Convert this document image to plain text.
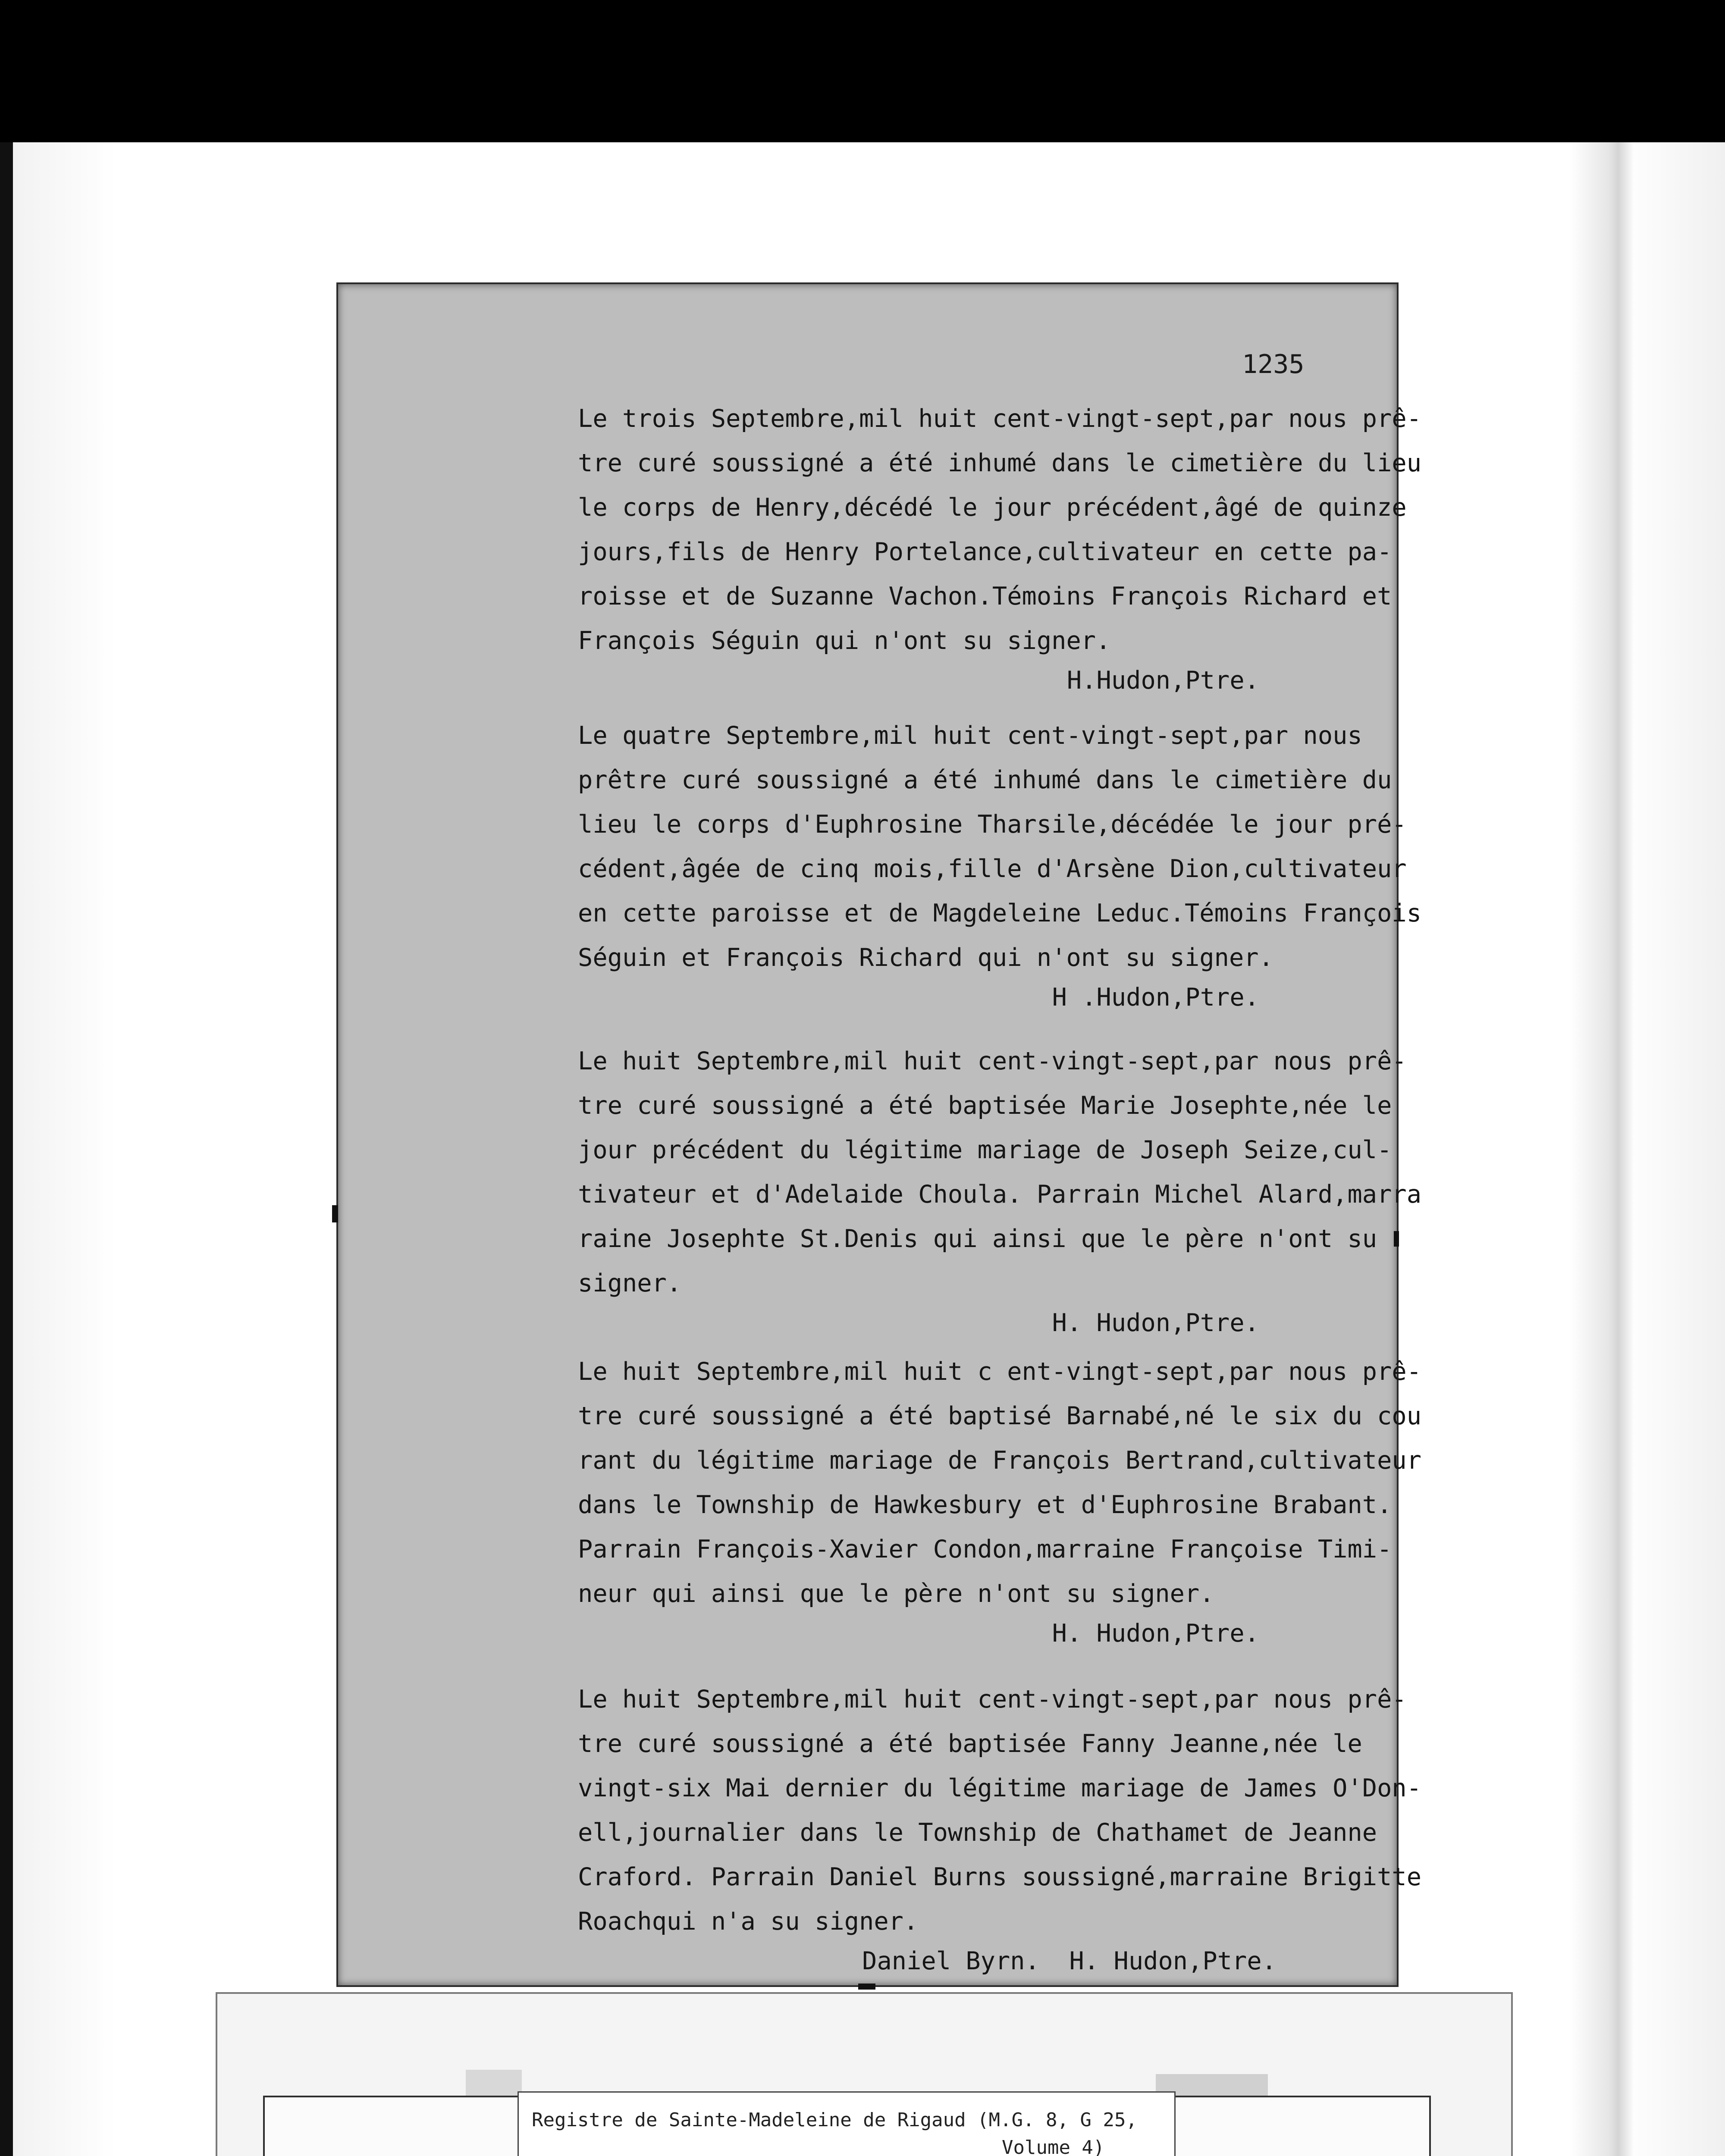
1235
Le trois Septembre,mil huit cent-vingt-sept,par nous prê-
tre curé soussigné a été inhumé dans le cimetière du lieu
le corps de Henry,décédé le jour précédent,âgé de quinze
jours,fils de Henry Portelance,cultivateur en cette pa-
roisse et de Suzanne Vachon.Témoins François Richard et
François Séguin qui n'ont su signer.
H.Hudon,Ptre.
Le quatre Septembre,mil huit cent-vingt-sept,par nous
prêtre curé soussigné a été inhumé dans le cimetière du
lieu le corps d'Euphrosine Tharsile,décédée le jour pré-
cédent,âgée de cinq mois,fille d'Arsène Dion,cultivateur
en cette paroisse et de Magdeleine Leduc.Témoins François
Séguin et François Richard qui n'ont su signer.
H .Hudon,Ptre.
Le huit Septembre,mil huit cent-vingt-sept,par nous prê-
tre curé soussigné a été baptisée Marie Josephte,née le
jour précédent du légitime mariage de Joseph Seize,cul-
tivateur et d'Adelaide Choula. Parrain Michel Alard,marra
raine Josephte St.Denis qui ainsi que le père n'ont su
signer.
H. Hudon,Ptre.
Le huit Septembre,mil huit c ent-vingt-sept,par nous prê-
tre curé soussigné a été baptisé Barnabé,né le six du cou
rant du légitime mariage de François Bertrand,cultivateur
dans le Township de Hawkesbury et d'Euphrosine Brabant.
Parrain François-Xavier Condon,marraine Françoise Timi-
neur qui ainsi que le père n'ont su signer.
H. Hudon,Ptre.
Le huit Septembre,mil huit cent-vingt-sept,par nous prê-
tre curé soussigné a été baptisée Fanny Jeanne,née le
vingt-six Mai dernier du légitime mariage de James O'Don-
ell,journalier dans le Township de Chathamet de Jeanne
Craford. Parrain Daniel Burns soussigné,marraine Brigitte
Roachqui n'a su signer.
Daniel Byrn.  H. Hudon,Ptre.
Registre de Sainte-Madeleine de Rigaud (M.G. 8, G 25,
Volume 4)
